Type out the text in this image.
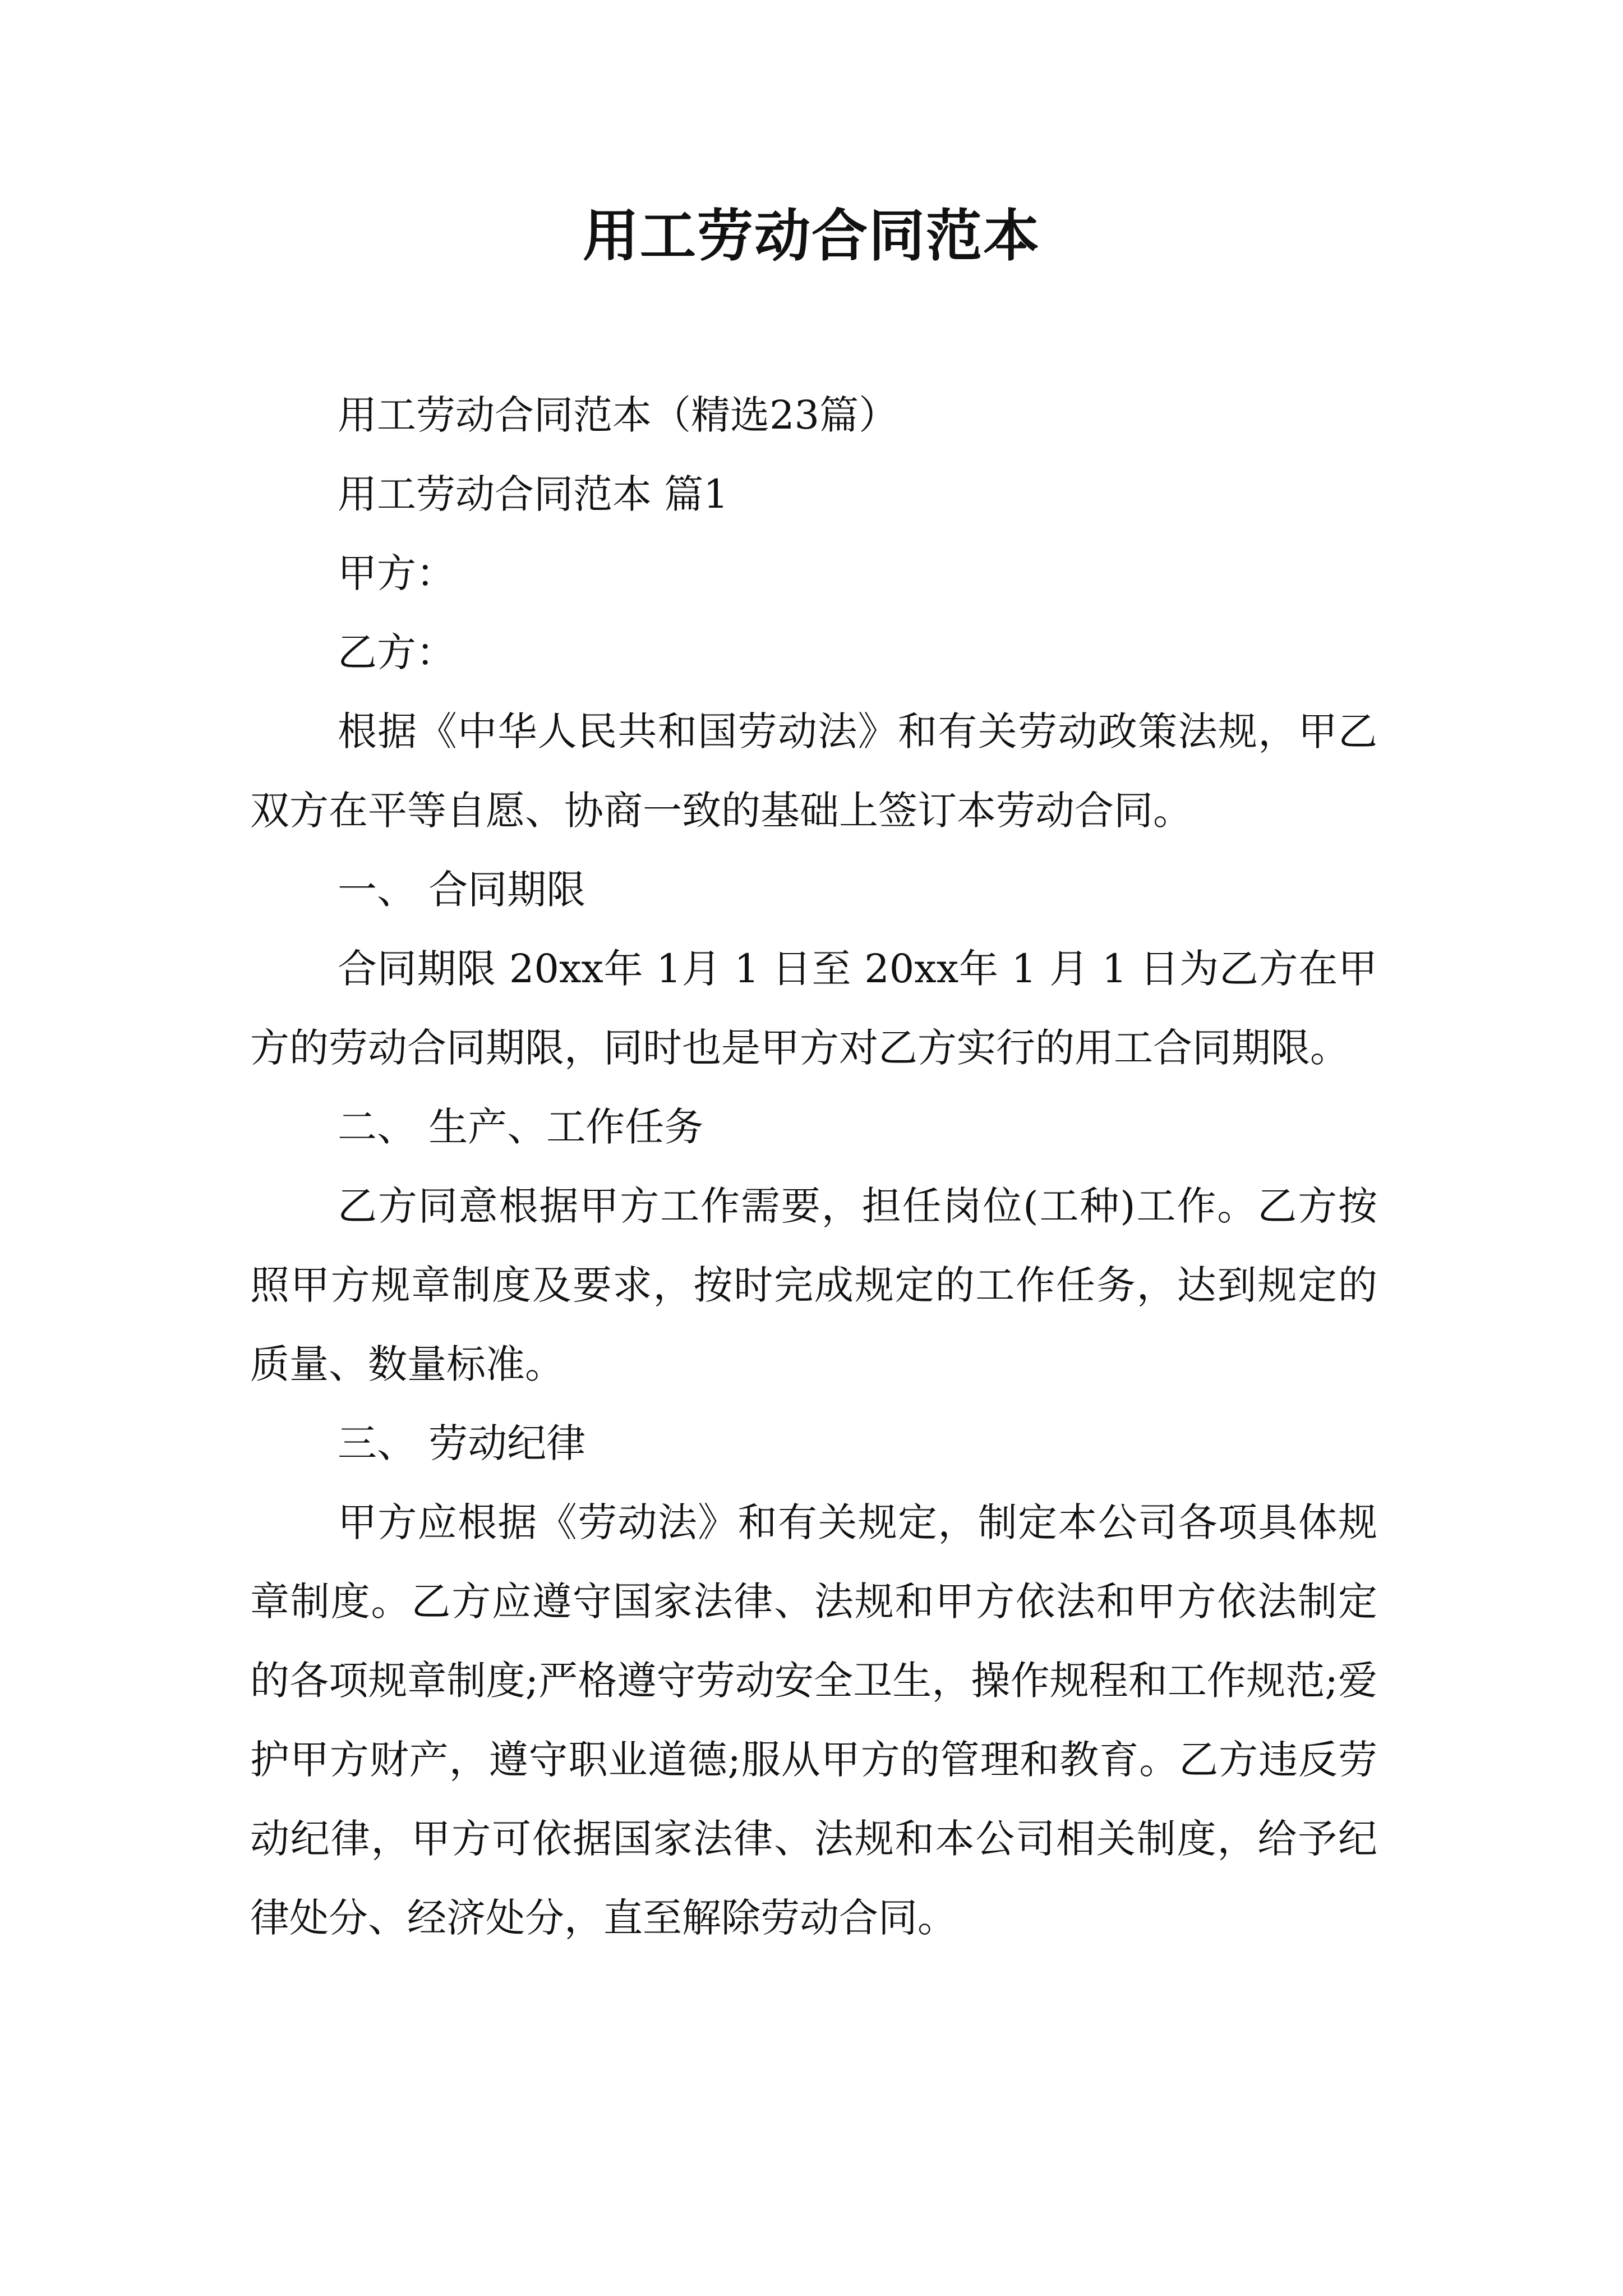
用工劳动合同范本

用工劳动合同范本（精选23篇）

用工劳动合同范本 篇1

甲方：

乙方：

根据《中华人民共和国劳动法》和有关劳动政策法规，甲乙双方在平等自愿、协商一致的基础上签订本劳动合同。

一、 合同期限

合同期限 20xx年 1月 1 日至 20xx年 1 月 1 日为乙方在甲方的劳动合同期限，同时也是甲方对乙方实行的用工合同期限。

二、 生产、工作任务

乙方同意根据甲方工作需要，担任岗位(工种)工作。乙方按照甲方规章制度及要求，按时完成规定的工作任务，达到规定的质量、数量标准。

三、 劳动纪律

甲方应根据《劳动法》和有关规定，制定本公司各项具体规章制度。乙方应遵守国家法律、法规和甲方依法和甲方依法制定的各项规章制度;严格遵守劳动安全卫生，操作规程和工作规范;爱护甲方财产，遵守职业道德;服从甲方的管理和教育。乙方违反劳动纪律，甲方可依据国家法律、法规和本公司相关制度，给予纪律处分、经济处分，直至解除劳动合同。
